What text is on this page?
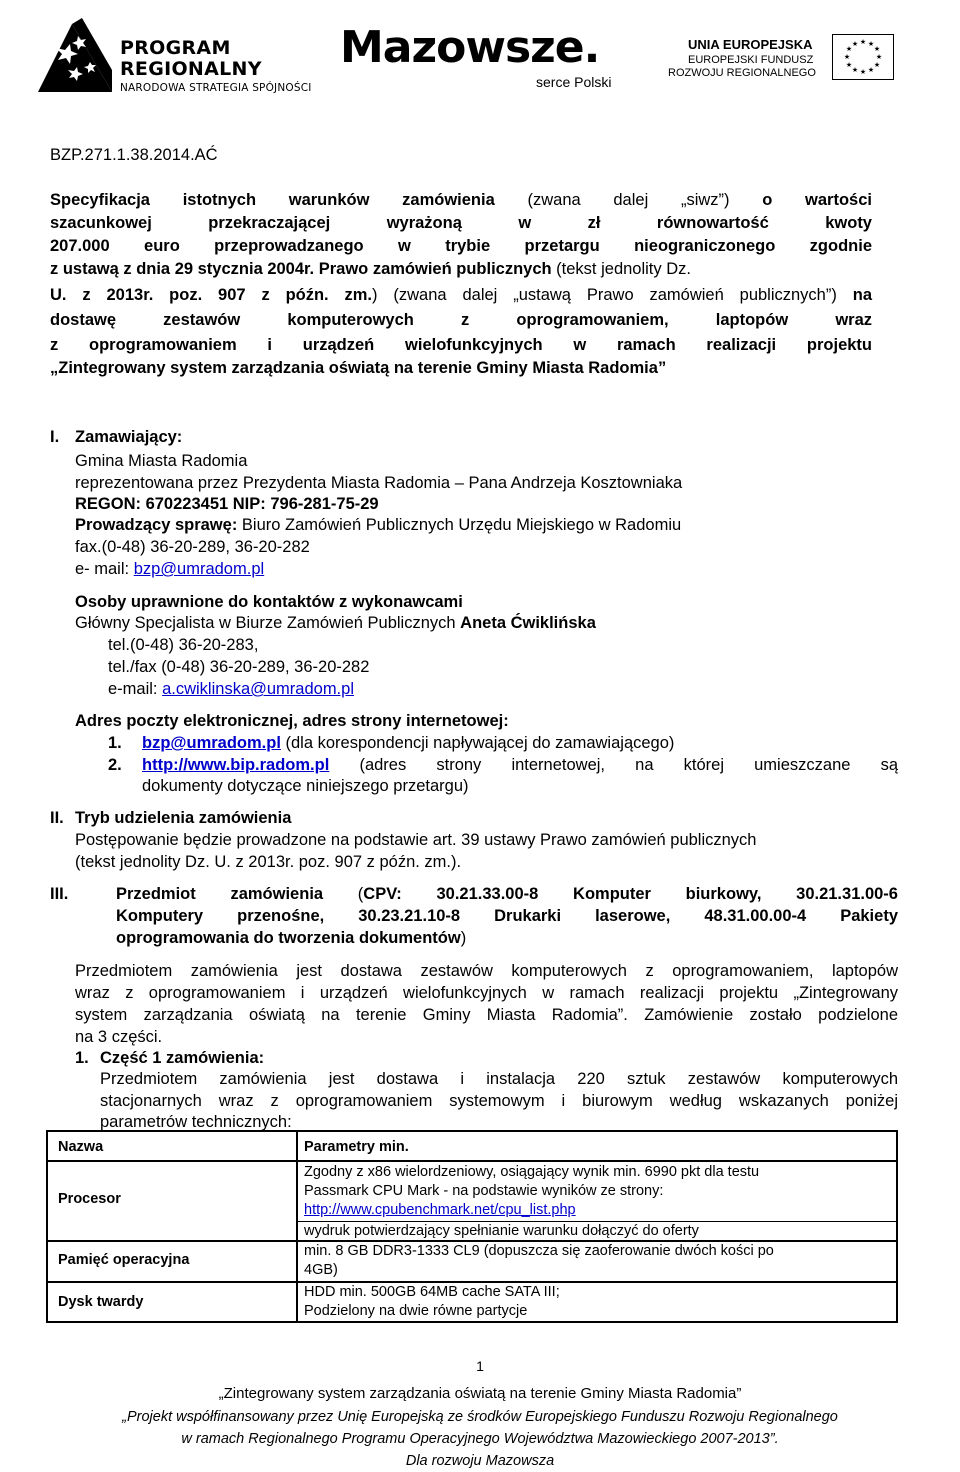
PROGRAM
REGIONALNY
NARODOWA STRATEGIA SPÓJNOŚCI
Mazowsze.
serce Polski
UNIA EUROPEJSKA
EUROPEJSKI FUNDUSZ
ROZWOJU REGIONALNEGO
★ ★
★
★
★
★
★
★
★
★
★
★
BZP.271.1.38.2014.AĆ
Specyfikacja istotnych warunków zamówienia (zwana dalej „siwz”) o wartości
szacunkowej przekraczającej wyrażoną w zł równowartość kwoty
207.000 euro przeprowadzanego w trybie przetargu nieograniczonego zgodnie
z ustawą z dnia 29 stycznia 2004r. Prawo zamówień publicznych (tekst jednolity Dz.
U. z 2013r. poz. 907 z późn. zm.) (zwana dalej „ustawą Prawo zamówień publicznych”) na
dostawę zestawów komputerowych z oprogramowaniem, laptopów wraz
z oprogramowaniem i urządzeń wielofunkcyjnych w ramach realizacji projektu
„Zintegrowany system zarządzania oświatą na terenie Gminy Miasta Radomia”
I. Zamawiający:
Gmina Miasta Radomia
reprezentowana przez Prezydenta Miasta Radomia – Pana Andrzeja Kosztowniaka
REGON: 670223451 NIP: 796-281-75-29
Prowadzący sprawę: Biuro Zamówień Publicznych Urzędu Miejskiego w Radomiu
fax.(0-48) 36-20-289, 36-20-282
e- mail: bzp@umradom.pl
Osoby uprawnione do kontaktów z wykonawcami
Główny Specjalista w Biurze Zamówień Publicznych Aneta Ćwiklińska
tel.(0-48) 36-20-283,
tel./fax (0-48) 36-20-289, 36-20-282
e-mail: a.cwiklinska@umradom.pl
Adres poczty elektronicznej, adres strony internetowej:
1. bzp@umradom.pl (dla korespondencji napływającej do zamawiającego)
2. http://www.bip.radom.pl (adres strony internetowej, na której umieszczane są
dokumenty dotyczące niniejszego przetargu)
II. Tryb udzielenia zamówienia
Postępowanie będzie prowadzone na podstawie art. 39 ustawy Prawo zamówień publicznych
(tekst jednolity Dz. U. z 2013r. poz. 907 z późn. zm.).
III.	Przedmiot zamówienia (CPV: 30.21.33.00-8 Komputer biurkowy, 30.21.31.00-6
Komputery przenośne, 30.23.21.10-8 Drukarki laserowe, 48.31.00.00-4 Pakiety
oprogramowania do tworzenia dokumentów)
Przedmiotem zamówienia jest dostawa zestawów komputerowych z oprogramowaniem, laptopów
wraz z oprogramowaniem i urządzeń wielofunkcyjnych w ramach realizacji projektu „Zintegrowany
system zarządzania oświatą na terenie Gminy Miasta Radomia”. Zamówienie zostało podzielone
na 3 części.
1. Część 1 zamówienia:
Przedmiotem zamówienia jest dostawa i instalacja 220 sztuk zestawów komputerowych
stacjonarnych wraz z oprogramowaniem systemowym i biurowym według wskazanych poniżej
parametrów technicznych:
Nazwa	Parametry min.
Procesor
Zgodny z x86 wielordzeniowy, osiągający wynik min. 6990 pkt dla testu
Passmark CPU Mark - na podstawie wyników ze strony:
http://www.cpubenchmark.net/cpu_list.php
wydruk potwierdzający spełnianie warunku dołączyć do oferty
Pamięć operacyjna
min. 8 GB DDR3-1333 CL9 (dopuszcza się zaoferowanie dwóch kości po
4GB)
Dysk twardy
HDD min. 500GB 64MB cache SATA III;
Podzielony na dwie równe partycje
1
„Zintegrowany system zarządzania oświatą na terenie Gminy Miasta Radomia”
„Projekt współfinansowany przez Unię Europejską ze środków Europejskiego Funduszu Rozwoju Regionalnego
w ramach Regionalnego Programu Operacyjnego Województwa Mazowieckiego 2007-2013”.
Dla rozwoju Mazowsza
